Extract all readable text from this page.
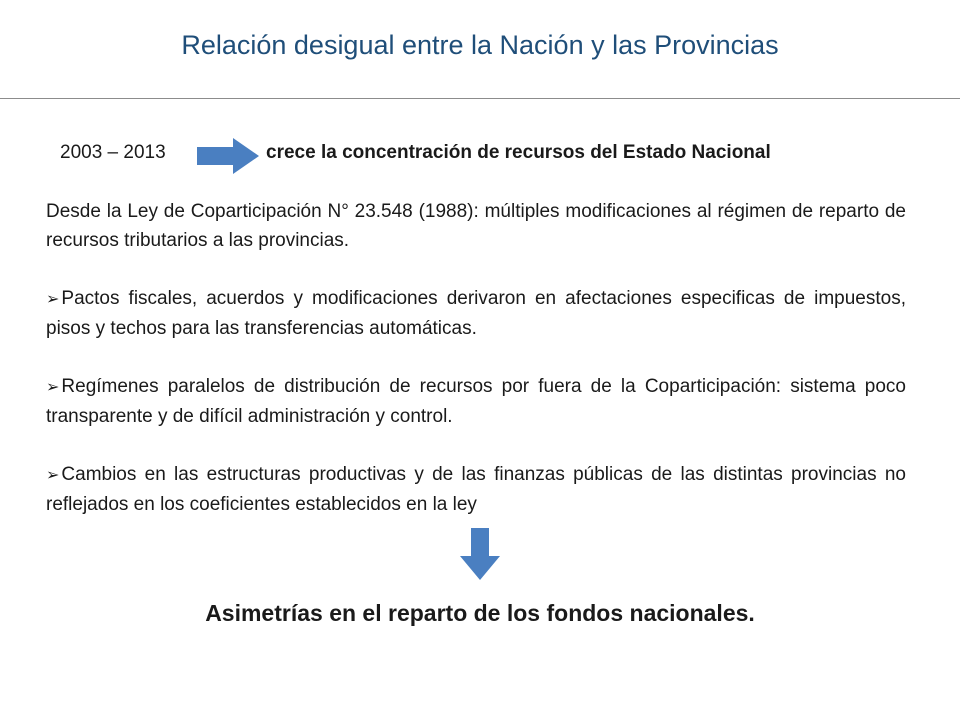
Relación desigual entre la Nación y las Provincias
2003 – 2013	crece la concentración de recursos del Estado Nacional

Desde la Ley de Coparticipación N° 23.548 (1988): múltiples modificaciones al régimen de reparto de recursos tributarios a las provincias.

➢ Pactos fiscales, acuerdos y modificaciones derivaron en afectaciones especificas de impuestos, pisos y techos para las transferencias automáticas.

➢ Regímenes paralelos de distribución de recursos por fuera de la Coparticipación: sistema poco transparente y de difícil administración y control.

➢ Cambios en las estructuras productivas y de las finanzas públicas de las distintas provincias no reflejados en los coeficientes establecidos en la ley

Asimetrías en el reparto de los fondos nacionales.
